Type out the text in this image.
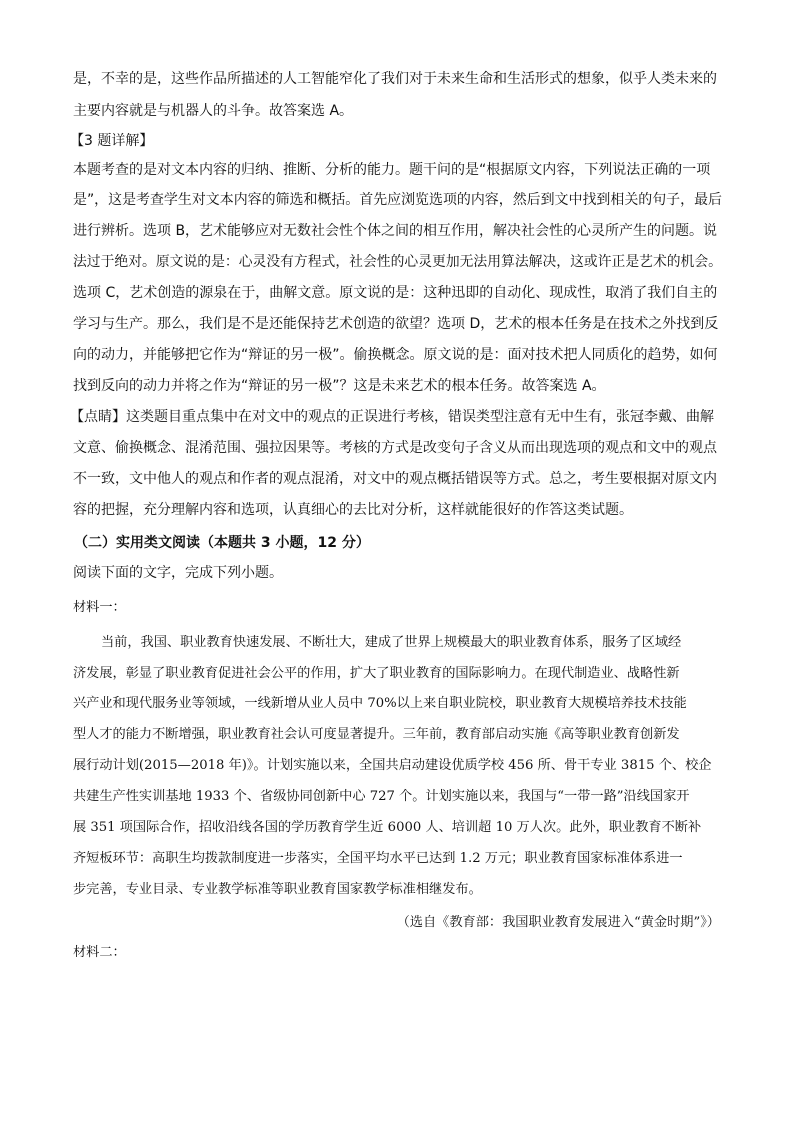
是，不幸的是，这些作品所描述的人工智能窄化了我们对于未来生命和生活形式的想象，似乎人类未来的
主要内容就是与机器人的斗争。故答案选 A。
【3 题详解】
本题考查的是对文本内容的归纳、推断、分析的能力。题干问的是“根据原文内容，下列说法正确的一项
是”，这是考查学生对文本内容的筛选和概括。首先应浏览选项的内容，然后到文中找到相关的句子，最后
进行辨析。选项 B，艺术能够应对无数社会性个体之间的相互作用，解决社会性的心灵所产生的问题。说
法过于绝对。原文说的是：心灵没有方程式，社会性的心灵更加无法用算法解决，这或许正是艺术的机会。
选项 C，艺术创造的源泉在于，曲解文意。原文说的是：这种迅即的自动化、现成性，取消了我们自主的
学习与生产。那么，我们是不是还能保持艺术创造的欲望？选项 D，艺术的根本任务是在技术之外找到反
向的动力，并能够把它作为“辩证的另一极”。偷换概念。原文说的是：面对技术把人同质化的趋势，如何
找到反向的动力并将之作为“辩证的另一极”？这是未来艺术的根本任务。故答案选 A。
【点睛】这类题目重点集中在对文中的观点的正误进行考核，错误类型注意有无中生有，张冠李戴、曲解
文意、偷换概念、混淆范围、强拉因果等。考核的方式是改变句子含义从而出现选项的观点和文中的观点
不一致，文中他人的观点和作者的观点混淆，对文中的观点概括错误等方式。总之，考生要根据对原文内
容的把握，充分理解内容和选项，认真细心的去比对分析，这样就能很好的作答这类试题。
（二）实用类文阅读（本题共 3 小题，12 分）
阅读下面的文字，完成下列小题。
材料一：
当前，我国、职业教育快速发展、不断壮大，建成了世界上规模最大的职业教育体系，服务了区域经
济发展，彰显了职业教育促进社会公平的作用，扩大了职业教育的国际影响力。在现代制造业、战略性新
兴产业和现代服务业等领域，一线新增从业人员中 70%以上来自职业院校，职业教育大规模培养技术技能
型人才的能力不断增强，职业教育社会认可度显著提升。三年前，教育部启动实施《高等职业教育创新发
展行动计划(2015—2018 年)》。计划实施以来，全国共启动建设优质学校 456 所、骨干专业 3815 个、校企
共建生产性实训基地 1933 个、省级协同创新中心 727 个。计划实施以来，我国与“一带一路”沿线国家开
展 351 项国际合作，招收沿线各国的学历教育学生近 6000 人、培训超 10 万人次。此外，职业教育不断补
齐短板环节：高职生均拨款制度进一步落实，全国平均水平已达到 1.2 万元；职业教育国家标准体系进一
步完善，专业目录、专业教学标准等职业教育国家教学标准相继发布。
（选自《教育部：我国职业教育发展进入“黄金时期”》）
材料二：
